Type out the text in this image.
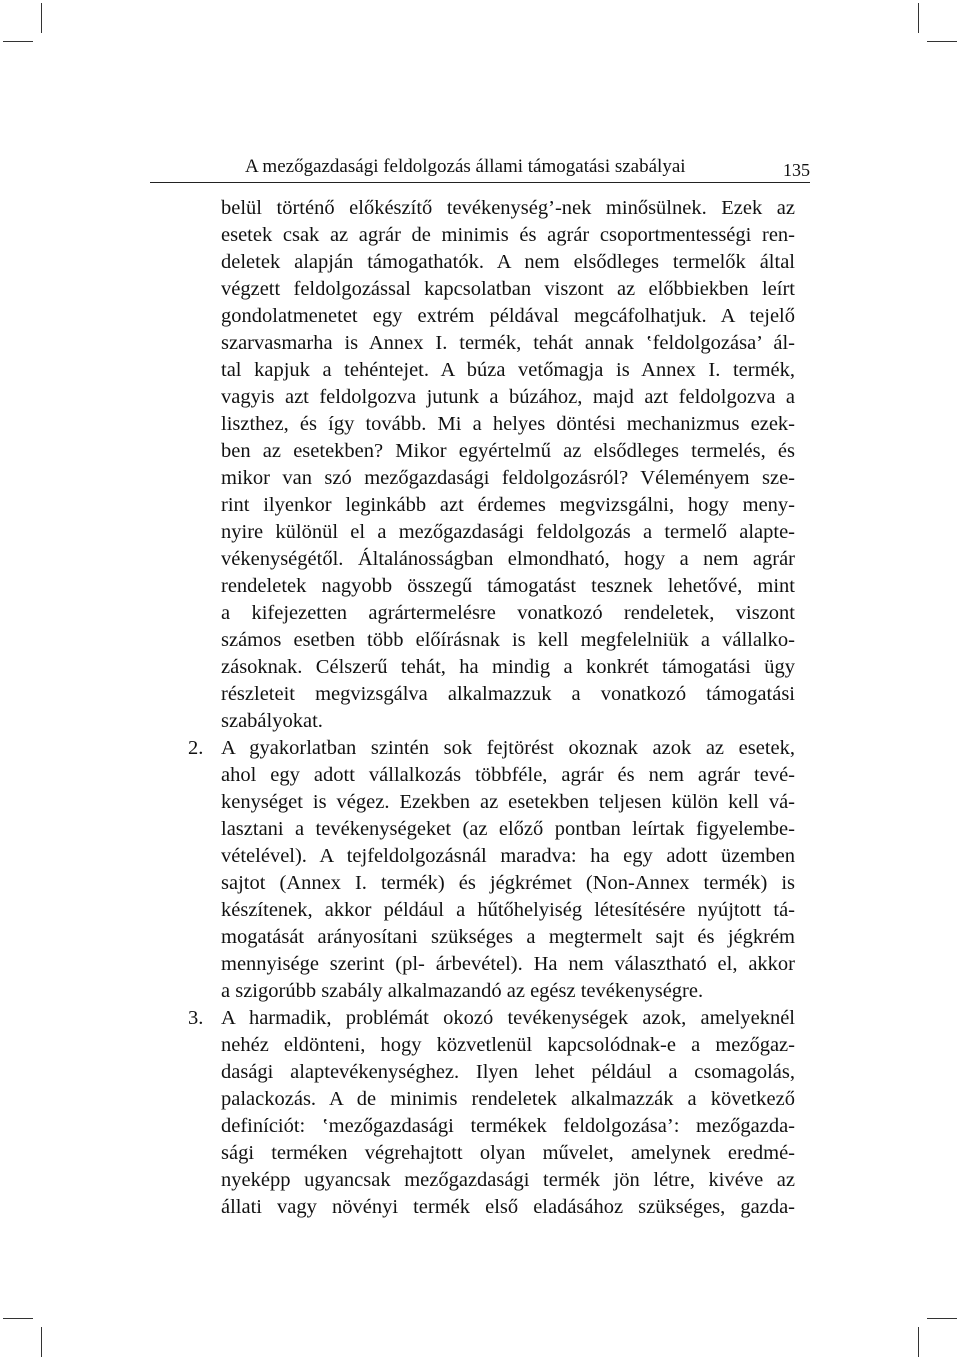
A mezőgazdasági feldolgozás állami támogatási szabályai	135
belül történő előkészítő tevékenység’-nek minősülnek. Ezek az
esetek csak az agrár de minimis és agrár csoportmentességi ren-
deletek alapján támogathatók. A nem elsődleges termelők által
végzett feldolgozással kapcsolatban viszont az előbbiekben leírt
gondolatmenetet egy extrém példával megcáfolhatjuk. A tejelő
szarvasmarha is Annex I. termék, tehát annak ‛feldolgozása’ ál-
tal kapjuk a tehéntejet. A búza vetőmagja is Annex I. termék,
vagyis azt feldolgozva jutunk a búzához, majd azt feldolgozva a
liszthez, és így tovább. Mi a helyes döntési mechanizmus ezek-
ben az esetekben? Mikor egyértelmű az elsődleges termelés, és
mikor van szó mezőgazdasági feldolgozásról? Véleményem sze-
rint ilyenkor leginkább azt érdemes megvizsgálni, hogy meny-
nyire különül el a mezőgazdasági feldolgozás a termelő alapte-
vékenységétől. Általánosságban elmondható, hogy a nem agrár
rendeletek nagyobb összegű támogatást tesznek lehetővé, mint
a kifejezetten agrártermelésre vonatkozó rendeletek, viszont
számos esetben több előírásnak is kell megfelelniük a vállalko-
zásoknak. Célszerű tehát, ha mindig a konkrét támogatási ügy
részleteit megvizsgálva alkalmazzuk a vonatkozó támogatási
szabályokat.
2. A gyakorlatban szintén sok fejtörést okoznak azok az esetek,
ahol egy adott vállalkozás többféle, agrár és nem agrár tevé-
kenységet is végez. Ezekben az esetekben teljesen külön kell vá-
lasztani a tevékenységeket (az előző pontban leírtak figyelembe-
vételével). A tejfeldolgozásnál maradva: ha egy adott üzemben
sajtot (Annex I. termék) és jégkrémet (Non-Annex termék) is
készítenek, akkor például a hűtőhelyiség létesítésére nyújtott tá-
mogatását arányosítani szükséges a megtermelt sajt és jégkrém
mennyisége szerint (pl- árbevétel). Ha nem választható el, akkor
a szigorúbb szabály alkalmazandó az egész tevékenységre.
3. A harmadik, problémát okozó tevékenységek azok, amelyeknél
nehéz eldönteni, hogy közvetlenül kapcsolódnak-e a mezőgaz-
dasági alaptevékenységhez. Ilyen lehet például a csomagolás,
palackozás. A de minimis rendeletek alkalmazzák a következő
definíciót: ‛mezőgazdasági termékek feldolgozása’: mezőgazda-
sági terméken végrehajtott olyan művelet, amelynek eredmé-
nyeképp ugyancsak mezőgazdasági termék jön létre, kivéve az
állati vagy növényi termék első eladásához szükséges, gazda-
